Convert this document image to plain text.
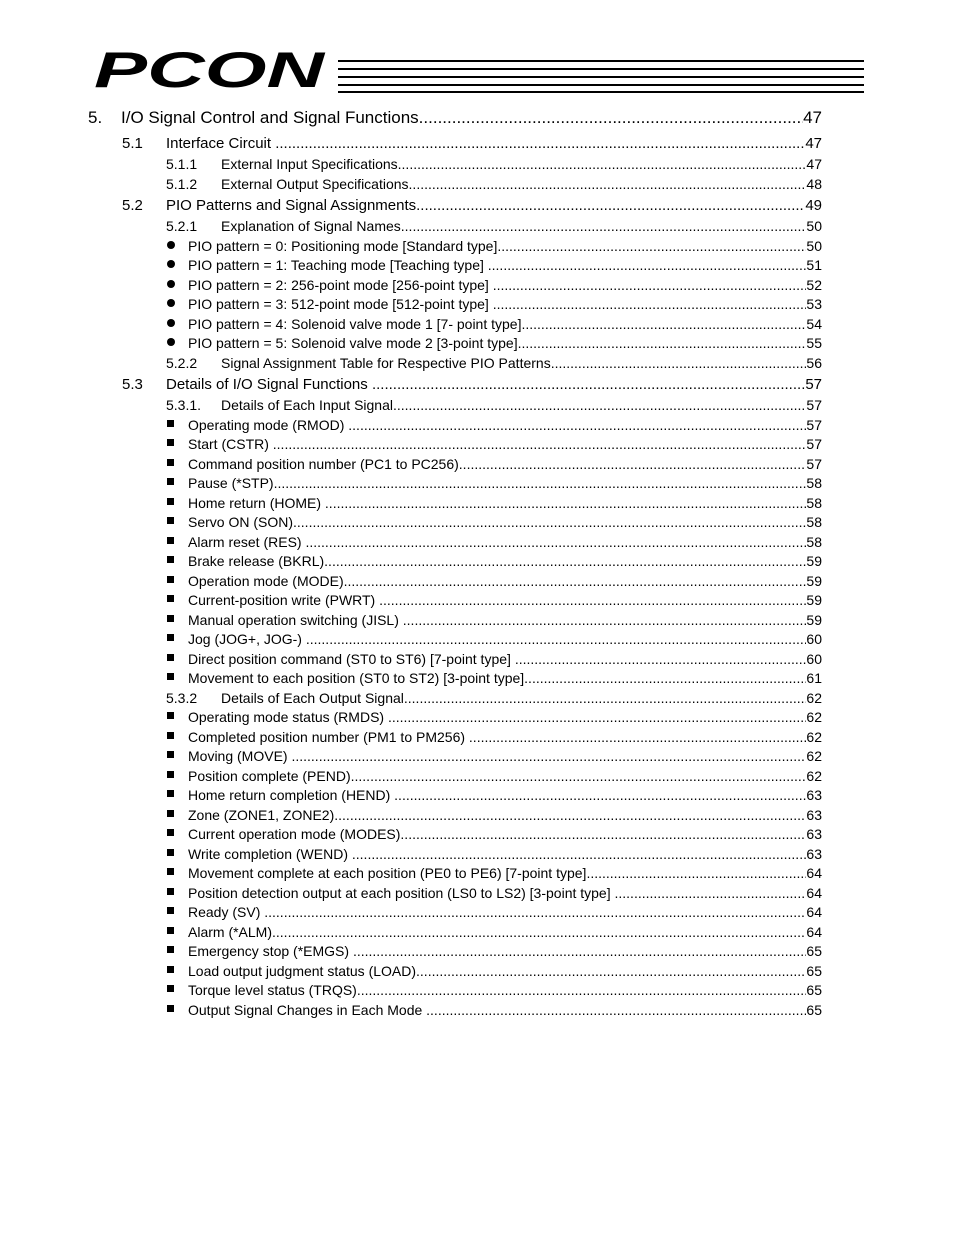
PCON
5.	I/O Signal Control and Signal Functions .....	47
5.1	Interface Circuit .....	47
5.1.1	External Input Specifications .....	47
5.1.2	External Output Specifications .....	48
5.2	PIO Patterns and Signal Assignments .....	49
5.2.1	Explanation of Signal Names .....	50
PIO pattern = 0: Positioning mode [Standard type] .....	50
PIO pattern = 1: Teaching mode [Teaching type] .....	51
PIO pattern = 2: 256-point mode [256-point type] .....	52
PIO pattern = 3: 512-point mode [512-point type] .....	53
PIO pattern = 4: Solenoid valve mode 1 [7- point type] .....	54
PIO pattern = 5: Solenoid valve mode 2 [3-point type] .....	55
5.2.2	Signal Assignment Table for Respective PIO Patterns .....	56
5.3	Details of I/O Signal Functions .....	57
5.3.1.	Details of Each Input Signal .....	57
Operating mode (RMOD) .....	57
Start (CSTR) .....	57
Command position number (PC1 to PC256) .....	57
Pause (*STP) .....	58
Home return (HOME) .....	58
Servo ON (SON) .....	58
Alarm reset (RES) .....	58
Brake release (BKRL) .....	59
Operation mode (MODE) .....	59
Current-position write (PWRT) .....	59
Manual operation switching (JISL) .....	59
Jog (JOG+, JOG-) .....	60
Direct position command (ST0 to ST6) [7-point type] .....	60
Movement to each position (ST0 to ST2) [3-point type] .....	61
5.3.2	Details of Each Output Signal .....	62
Operating mode status (RMDS) .....	62
Completed position number (PM1 to PM256) .....	62
Moving (MOVE) .....	62
Position complete (PEND) .....	62
Home return completion (HEND) .....	63
Zone (ZONE1, ZONE2) .....	63
Current operation mode (MODES) .....	63
Write completion (WEND) .....	63
Movement complete at each position (PE0 to PE6) [7-point type] .....	64
Position detection output at each position (LS0 to LS2) [3-point type] .....	64
Ready (SV) .....	64
Alarm (*ALM) .....	64
Emergency stop (*EMGS) .....	65
Load output judgment status (LOAD) .....	65
Torque level status (TRQS) .....	65
Output Signal Changes in Each Mode .....	65
